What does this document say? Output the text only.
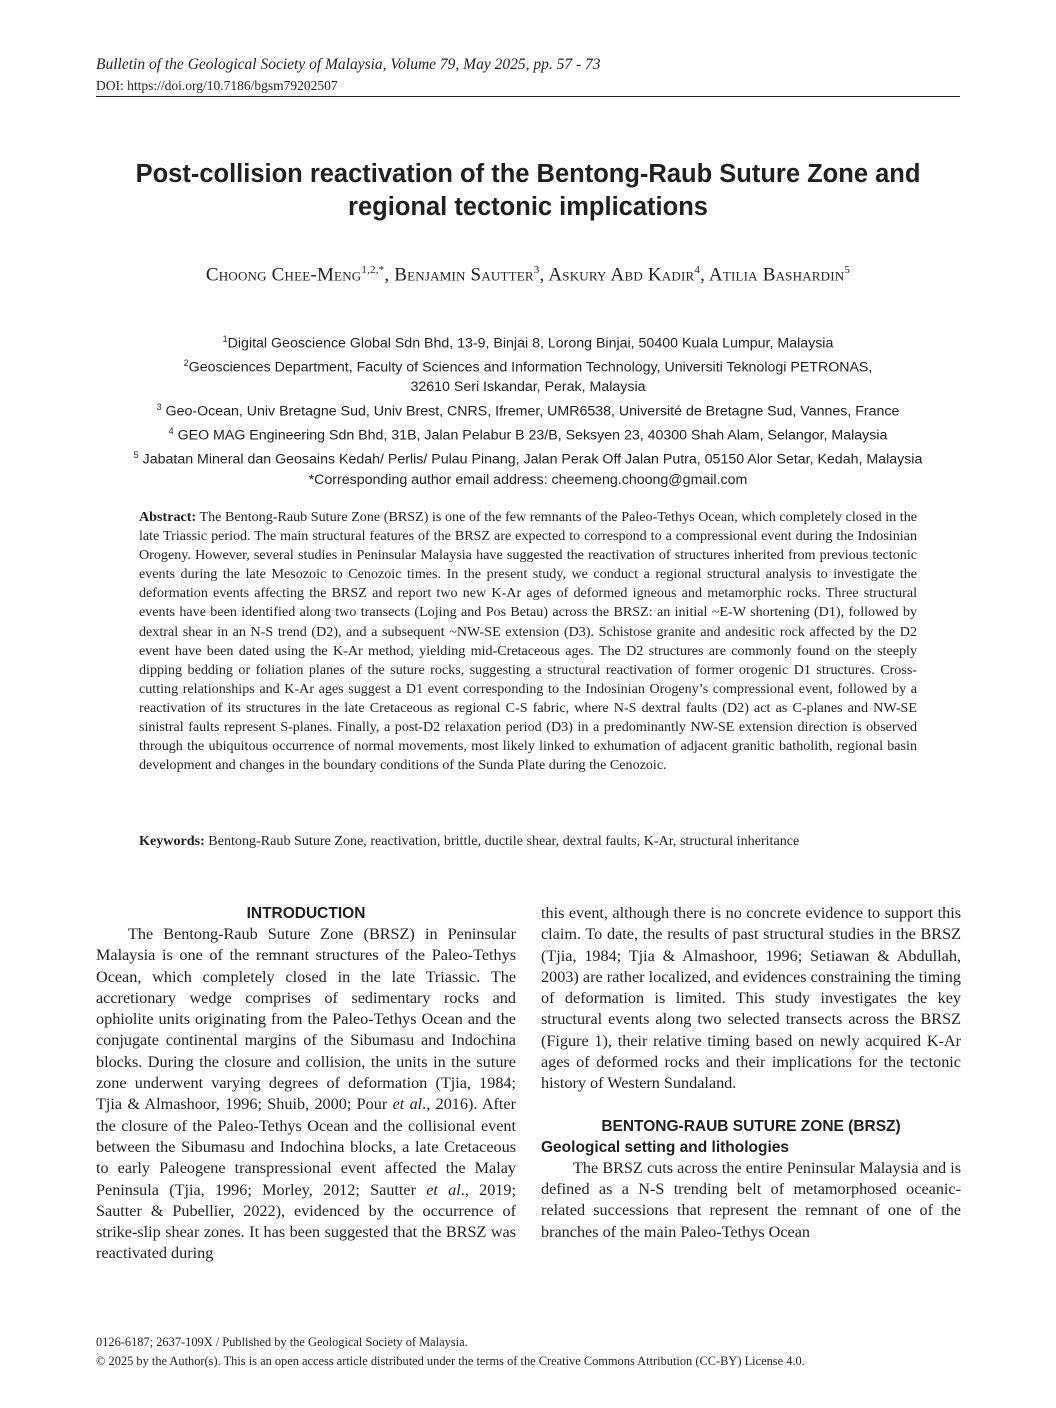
Bulletin of the Geological Society of Malaysia, Volume 79, May 2025, pp. 57 - 73
DOI: https://doi.org/10.7186/bgsm79202507
Post-collision reactivation of the Bentong-Raub Suture Zone and
regional tectonic implications
Choong Chee-Meng$^{1,2,*}$, Benjamin Sautter$^3$, Askury Abd Kadir$^4$, Atilia Bashardin$^5$
$^1$Digital Geoscience Global Sdn Bhd, 13-9, Binjai 8, Lorong Binjai, 50400 Kuala Lumpur, Malaysia
$^2$Geosciences Department, Faculty of Sciences and Information Technology, Universiti Teknologi PETRONAS,
32610 Seri Iskandar, Perak, Malaysia
$^3$ Geo-Ocean, Univ Bretagne Sud, Univ Brest, CNRS, Ifremer, UMR6538, Université de Bretagne Sud, Vannes, France
$^4$ GEO MAG Engineering Sdn Bhd, 31B, Jalan Pelabur B 23/B, Seksyen 23, 40300 Shah Alam, Selangor, Malaysia
$^5$ Jabatan Mineral dan Geosains Kedah/ Perlis/ Pulau Pinang, Jalan Perak Off Jalan Putra, 05150 Alor Setar, Kedah, Malaysia
*Corresponding author email address: cheemeng.choong@gmail.com
Abstract: The Bentong-Raub Suture Zone (BRSZ) is one of the few remnants of the Paleo-Tethys Ocean, which completely closed in the late Triassic period. The main structural features of the BRSZ are expected to correspond to a compressional event during the Indosinian Orogeny. However, several studies in Peninsular Malaysia have suggested the reactivation of structures inherited from previous tectonic events during the late Mesozoic to Cenozoic times. In the present study, we conduct a regional structural analysis to investigate the deformation events affecting the BRSZ and report two new K-Ar ages of deformed igneous and metamorphic rocks. Three structural events have been identified along two transects (Lojing and Pos Betau) across the BRSZ: an initial ~E-W shortening (D1), followed by dextral shear in an N-S trend (D2), and a subsequent ~NW-SE extension (D3). Schistose granite and andesitic rock affected by the D2 event have been dated using the K-Ar method, yielding mid-Cretaceous ages. The D2 structures are commonly found on the steeply dipping bedding or foliation planes of the suture rocks, suggesting a structural reactivation of former orogenic D1 structures. Cross-cutting relationships and K-Ar ages suggest a D1 event corresponding to the Indosinian Orogeny’s compressional event, followed by a reactivation of its structures in the late Cretaceous as regional C-S fabric, where N-S dextral faults (D2) act as C-planes and NW-SE sinistral faults represent S-planes. Finally, a post-D2 relaxation period (D3) in a predominantly NW-SE extension direction is observed through the ubiquitous occurrence of normal movements, most likely linked to exhumation of adjacent granitic batholith, regional basin development and changes in the boundary conditions of the Sunda Plate during the Cenozoic.
Keywords: Bentong-Raub Suture Zone, reactivation, brittle, ductile shear, dextral faults, K-Ar, structural inheritance
INTRODUCTION

The Bentong-Raub Suture Zone (BRSZ) in Peninsular Malaysia is one of the remnant structures of the Paleo-Tethys Ocean, which completely closed in the late Triassic. The accretionary wedge comprises of sedimentary rocks and ophiolite units originating from the Paleo-Tethys Ocean and the conjugate continental margins of the Sibumasu and Indochina blocks. During the closure and collision, the units in the suture zone underwent varying degrees of deformation (Tjia, 1984; Tjia & Almashoor, 1996; Shuib, 2000; Pour et al., 2016). After the closure of the Paleo-Tethys Ocean and the collisional event between the Sibumasu and Indochina blocks, a late Cretaceous to early Paleogene transpressional event affected the Malay Peninsula (Tjia, 1996; Morley, 2012; Sautter et al., 2019; Sautter & Pubellier, 2022), evidenced by the occurrence of strike-slip shear zones. It has been suggested that the BRSZ was reactivated during

this event, although there is no concrete evidence to support this claim. To date, the results of past structural studies in the BRSZ (Tjia, 1984; Tjia & Almashoor, 1996; Setiawan & Abdullah, 2003) are rather localized, and evidences constraining the timing of deformation is limited. This study investigates the key structural events along two selected transects across the BRSZ (Figure 1), their relative timing based on newly acquired K-Ar ages of deformed rocks and their implications for the tectonic history of Western Sundaland.

BENTONG-RAUB SUTURE ZONE (BRSZ)
Geological setting and lithologies

The BRSZ cuts across the entire Peninsular Malaysia and is defined as a N-S trending belt of metamorphosed oceanic-related successions that represent the remnant of one of the branches of the main Paleo-Tethys Ocean

0126-6187; 2637-109X / Published by the Geological Society of Malaysia.
© 2025 by the Author(s). This is an open access article distributed under the terms of the Creative Commons Attribution (CC-BY) License 4.0.
